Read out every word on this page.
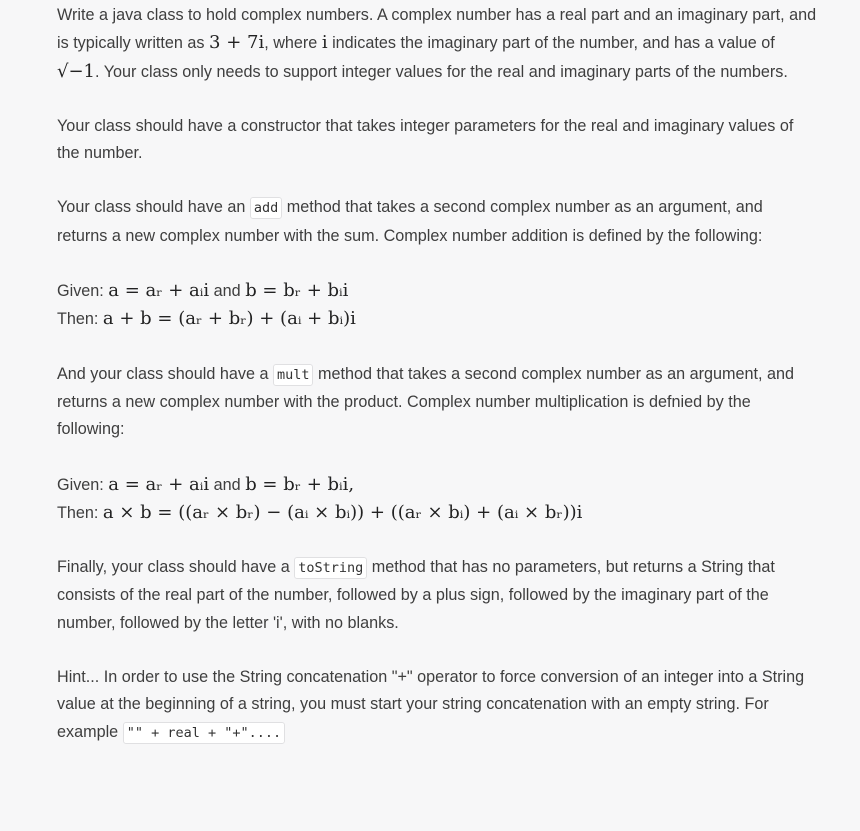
Write a java class to hold complex numbers. A complex number has a real part and an imaginary part, and is typically written as 3 + 7i, where i indicates the imaginary part of the number, and has a value of √−1. Your class only needs to support integer values for the real and imaginary parts of the numbers.

Your class should have a constructor that takes integer parameters for the real and imaginary values of the number.

Your class should have an add method that takes a second complex number as an argument, and returns a new complex number with the sum. Complex number addition is defined by the following:

Given: a = aᵣ + aᵢi and b = bᵣ + bᵢi
Then: a + b = (aᵣ + bᵣ) + (aᵢ + bᵢ)i

And your class should have a mult method that takes a second complex number as an argument, and returns a new complex number with the product. Complex number multiplication is defnied by the following:

Given: a = aᵣ + aᵢi and b = bᵣ + bᵢi,
Then: a × b = ((aᵣ × bᵣ) − (aᵢ × bᵢ)) + ((aᵣ × bᵢ) + (aᵢ × bᵣ))i

Finally, your class should have a toString method that has no parameters, but returns a String that consists of the real part of the number, followed by a plus sign, followed by the imaginary part of the number, followed by the letter 'i', with no blanks.

Hint... In order to use the String concatenation "+" operator to force conversion of an integer into a String value at the beginning of a string, you must start your string concatenation with an empty string. For example "" + real + "+"....
